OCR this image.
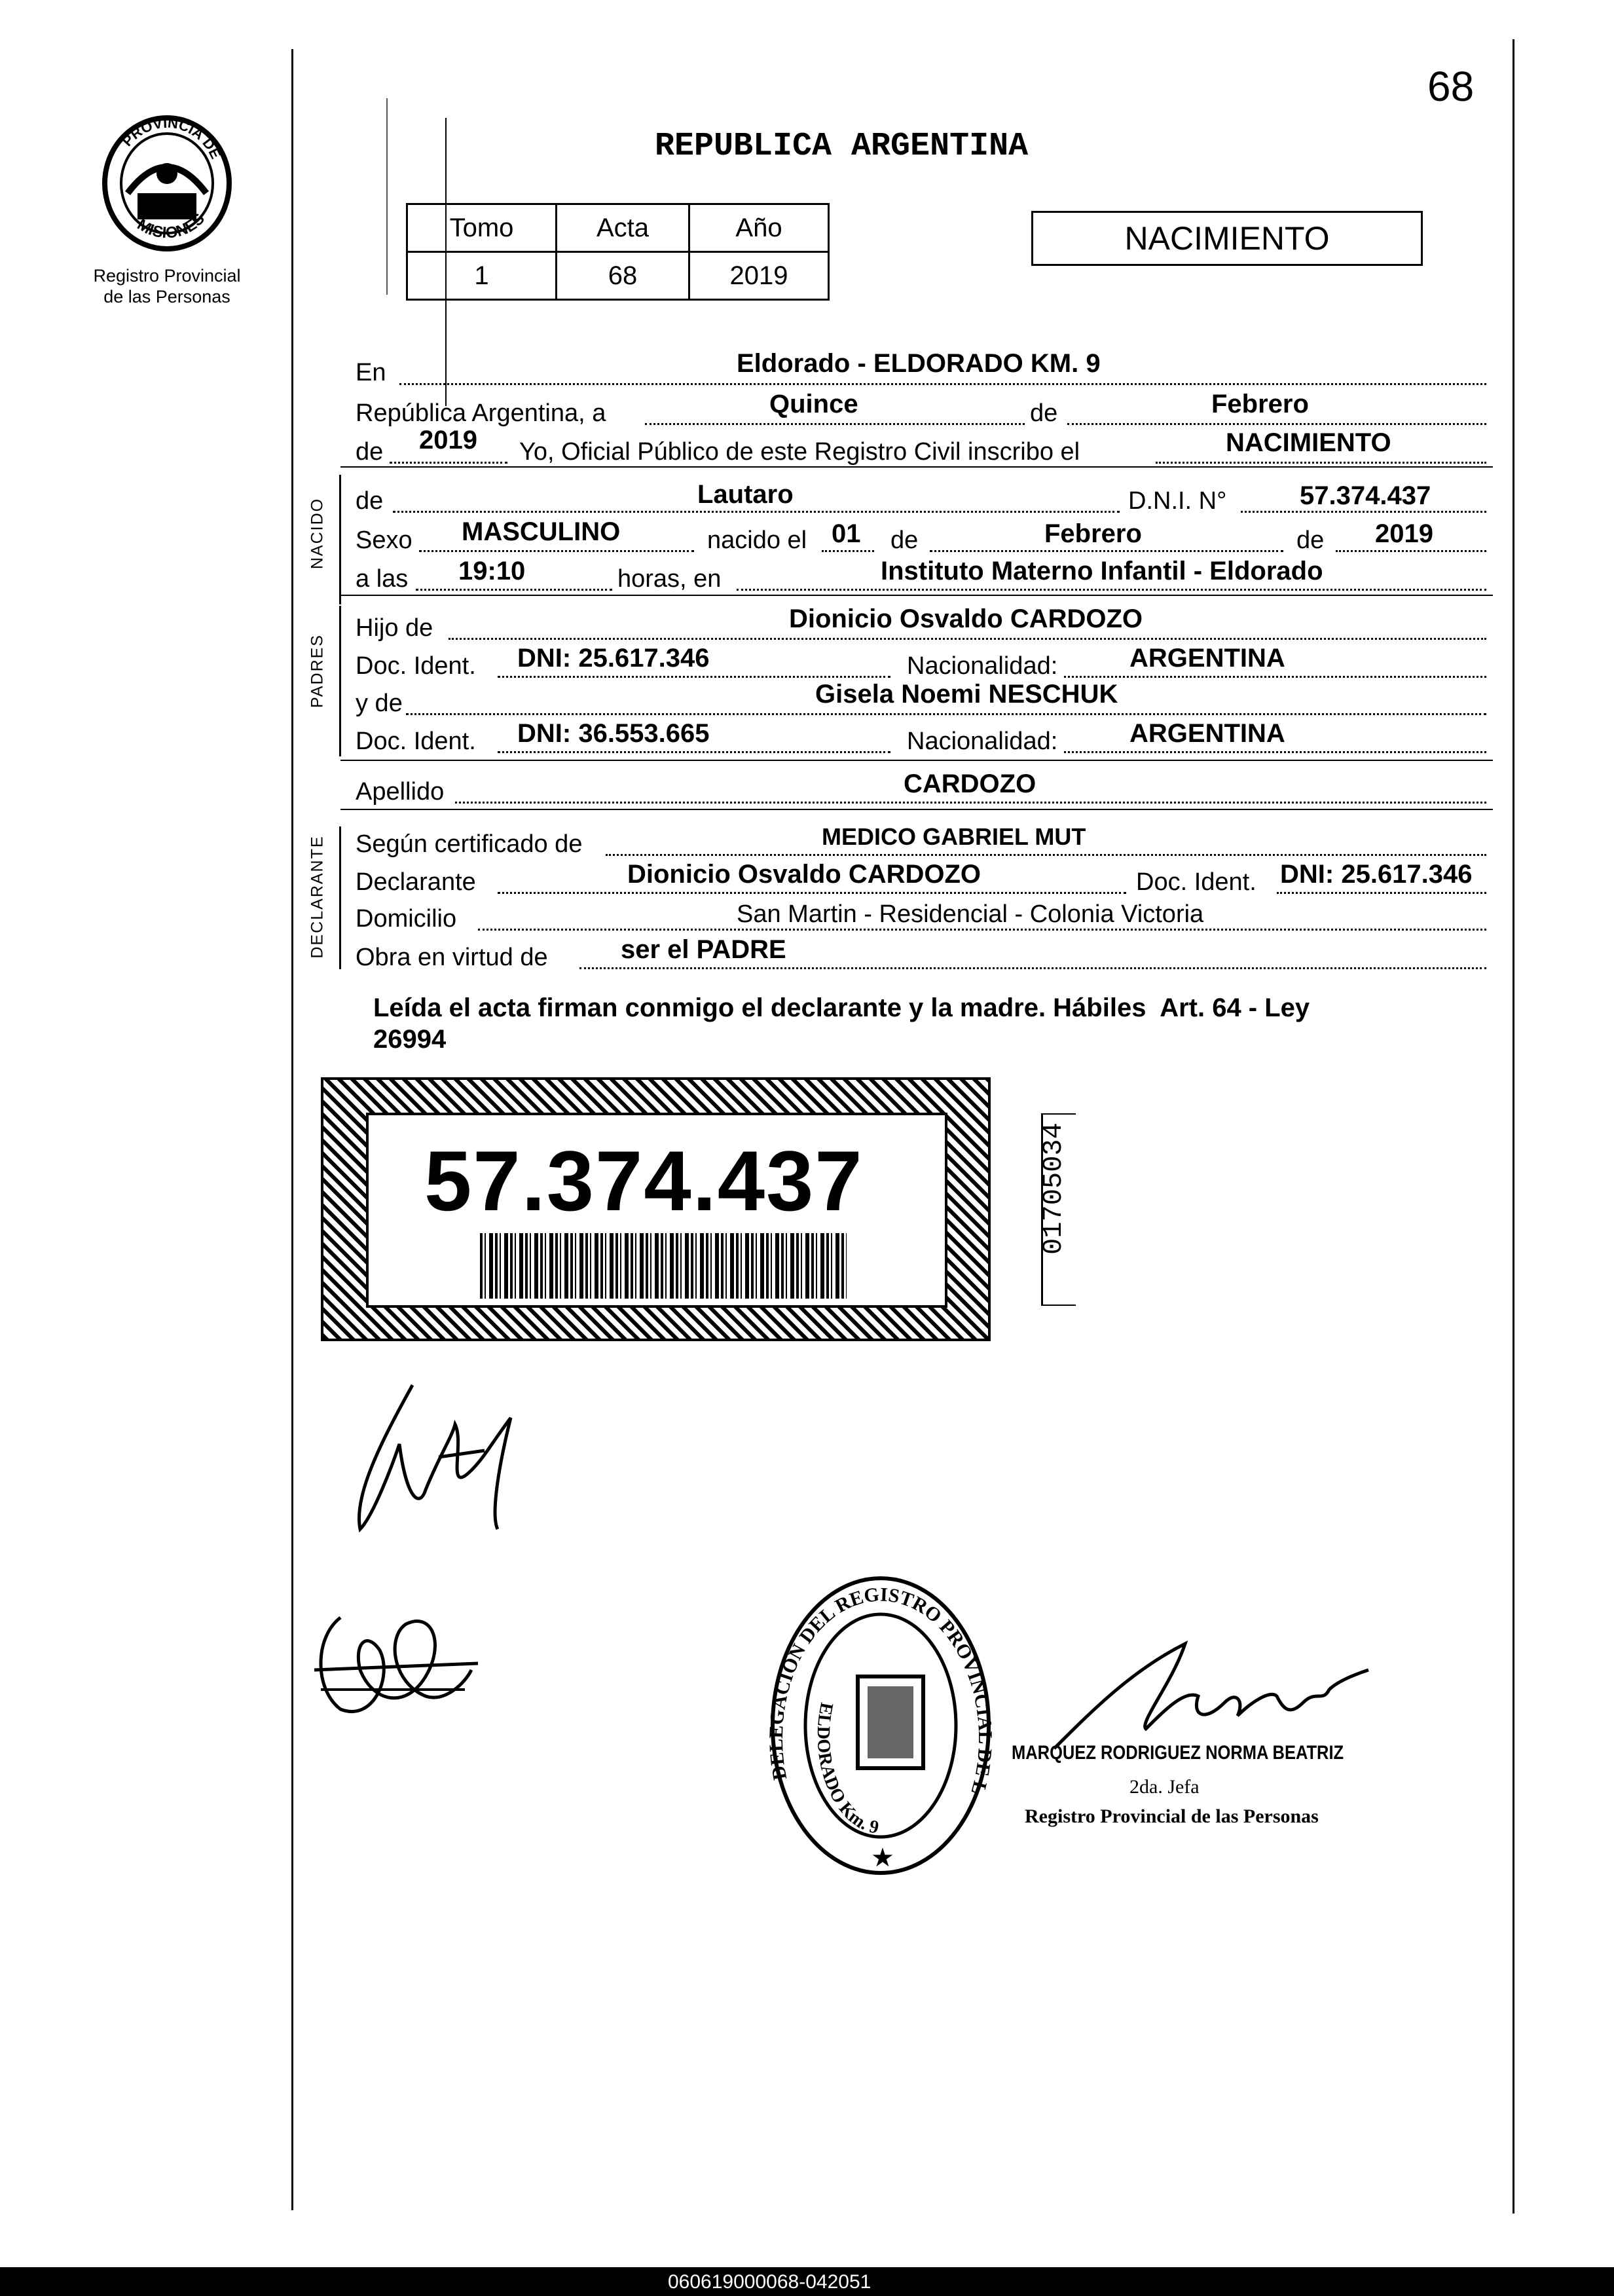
68
PROVINCIA DE
MISIONES
Registro Provincial
de las Personas
REPUBLICA ARGENTINA
Tomo	Acta	Año
1	68	2019
NACIMIENTO
En	Eldorado - ELDORADO KM. 9
República Argentina, a	Quince	de	Febrero
de 2019 Yo, Oficial Público de este Registro Civil inscribo el	NACIMIENTO
NACIDO de	Lautaro	D.N.I. N°	57.374.437
Sexo MASCULINO	nacido el 01 de	Febrero	de 2019
a las 19:10	horas, en	Instituto Materno Infantil - Eldorado
PADRES
Hijo de	Dionicio Osvaldo CARDOZO
Doc. Ident. DNI: 25.617.346	Nacionalidad:	ARGENTINA
y de	Gisela Noemi NESCHUK
Doc. Ident. DNI: 36.553.665	Nacionalidad:	ARGENTINA
Apellido	CARDOZO
DECLARANTE Según certificado de	MEDICO GABRIEL MUT
Declarante	Dionicio Osvaldo CARDOZO	Doc. Ident. DNI: 25.617.346
Domicilio	San Martin - Residencial - Colonia Victoria
Obra en virtud de	ser el PADRE
Leída el acta firman conmigo el declarante y la madre. Hábiles  Art. 64 - Ley
26994
57.374.437	01705034
DELEGACION DEL REGISTRO PROVINCIAL DE L
ELDORADO Km. 9
★
MARQUEZ RODRIGUEZ NORMA BEATRIZ
2da. Jefa
Registro Provincial de las Personas
060619000068-042051
